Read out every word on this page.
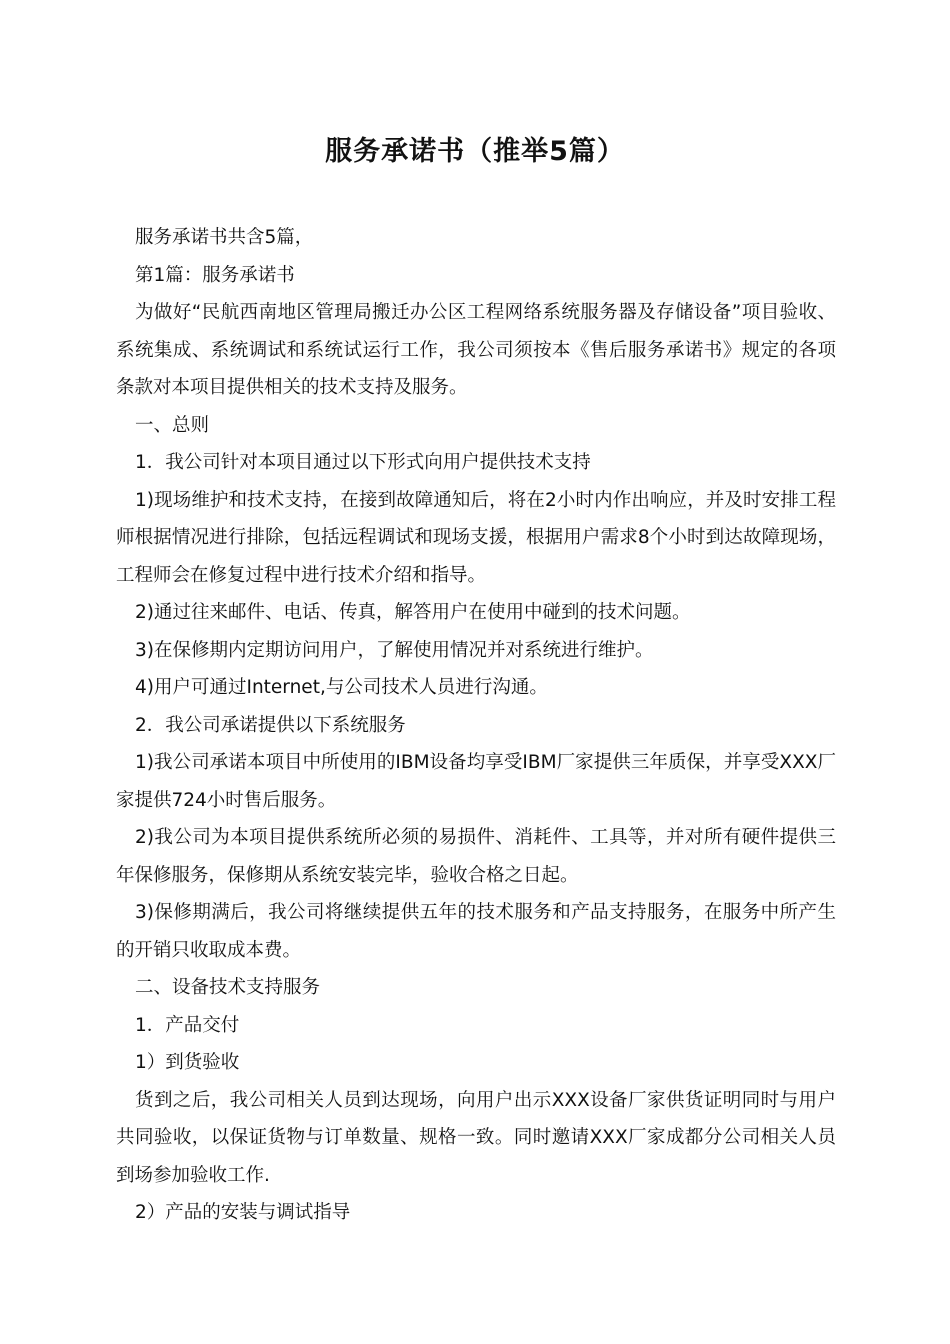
服务承诺书（推举5篇）

服务承诺书共含5篇，

第1篇：服务承诺书

为做好“民航西南地区管理局搬迁办公区工程网络系统服务器及存储设备”项目验收、系统集成、系统调试和系统试运行工作，我公司须按本《售后服务承诺书》规定的各项条款对本项目提供相关的技术支持及服务。

一、总则

1．我公司针对本项目通过以下形式向用户提供技术支持

1)现场维护和技术支持，在接到故障通知后，将在2小时内作出响应，并及时安排工程师根据情况进行排除，包括远程调试和现场支援，根据用户需求8个小时到达故障现场，工程师会在修复过程中进行技术介绍和指导。

2)通过往来邮件、电话、传真，解答用户在使用中碰到的技术问题。

3)在保修期内定期访问用户，了解使用情况并对系统进行维护。

4)用户可通过Internet,与公司技术人员进行沟通。

2．我公司承诺提供以下系统服务

1)我公司承诺本项目中所使用的IBM设备均享受IBM厂家提供三年质保，并享受XXX厂家提供724小时售后服务。

2)我公司为本项目提供系统所必须的易损件、消耗件、工具等，并对所有硬件提供三年保修服务，保修期从系统安装完毕，验收合格之日起。

3)保修期满后，我公司将继续提供五年的技术服务和产品支持服务，在服务中所产生的开销只收取成本费。

二、设备技术支持服务

1．产品交付

1）到货验收

货到之后，我公司相关人员到达现场，向用户出示XXX设备厂家供货证明同时与用户共同验收，以保证货物与订单数量、规格一致。同时邀请XXX厂家成都分公司相关人员到场参加验收工作.

2）产品的安装与调试指导
